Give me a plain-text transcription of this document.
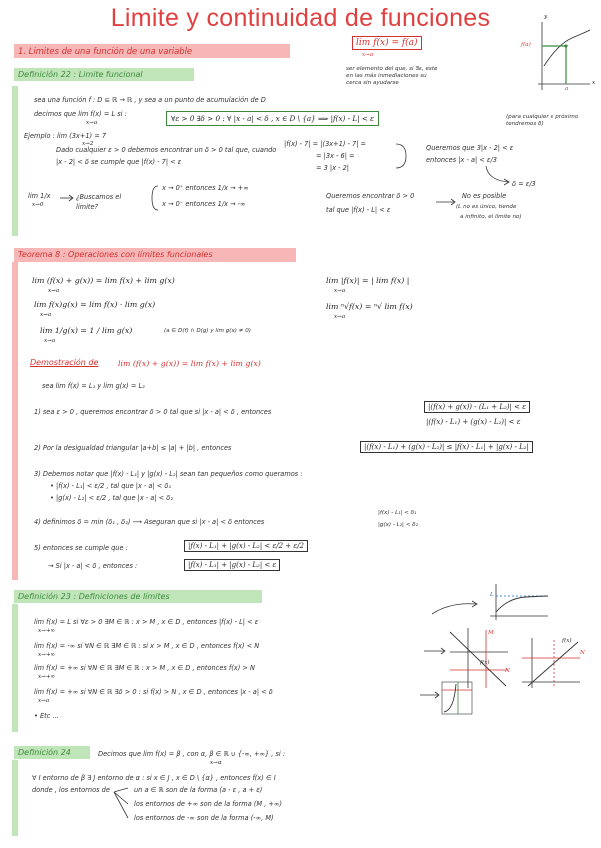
Limite y continuidad de funciones
1. Limites de una función de una variable
lim f(x) = f(a)
x→a
f(a)
a
y
x
Definición 22 : Limite funcional
ser elemento del que, si ∃ε, este en las más inmediaciones su cerca sin ayudarse
sea una función f : D ⊆ ℝ → ℝ , y sea a un punto de acumulación de D
decimos que lim f(x) = L si :
x→a	∀ε > 0 ∃δ > 0 : ∀ |x - a| < δ , x ∈ D \ {a} ⟹ |f(x) - L| < ε	(para cualquier ε próximo tendremos δ)
Ejemplo : lim (3x+1) = 7
x→2
Dado cualquier ε > 0 debemos encontrar un δ > 0 tal que, cuando
|x - 2| < δ se cumple que |f(x) - 7| < ε
|f(x) - 7| = |(3x+1) - 7| =
= |3x - 6| =
= 3 |x - 2|
Queremos que 3|x - 2| < ε
entonces |x - a| < ε/3
δ = ε/3
lim 1/x
x→0
¿Buscamos el límite?
x → 0⁺ entonces 1/x → +∞
x → 0⁻ entonces 1/x → -∞
Queremos encontrar δ > 0
tal que |f(x) - L| < ε
No es posible
(L no es único, tiende
a infinito, el límite no)
Teorema 8 : Operaciones con límites funcionales
lim (f(x) + g(x)) = lim f(x) + lim g(x)
x→a
lim f(x)g(x) = lim f(x) · lim g(x)
x→a
lim 1/g(x) = 1 / lim g(x)
x→a
(a ∈ D(f) ∩ D(g) y lim g(x) ≠ 0)
lim |f(x)| = | lim f(x) |
x→a
lim ⁿ√f(x) = ⁿ√ lim f(x)
x→a
Demostración de	lim (f(x) + g(x)) = lim f(x) + lim g(x)
sea lim f(x) = L₁ y lim g(x) = L₂
1) sea ε > 0 , queremos encontrar δ > 0 tal que si |x - a| < δ , entonces
|(f(x) + g(x)) - (L₁ + L₂)| < ε
|(f(x) - L₁) + (g(x) - L₂)| < ε
2) Por la desigualdad triangular |a+b| ≤ |a| + |b| , entonces	|(f(x) - L₁) + (g(x) - L₂)| ≤ |f(x) - L₁| + |g(x) - L₂|
3) Debemos notar que |f(x) - L₁| y |g(x) - L₂| sean tan pequeños como queramos :
• |f(x) - L₁| < ε/2 , tal que |x - a| < δ₁
• |g(x) - L₂| < ε/2 , tal que |x - a| < δ₂
4) definimos δ = min (δ₁ , δ₂) ⟶ Aseguran que si |x - a| < δ entonces
|f(x) - L₁| < δ₁
|g(x) - L₂| < δ₂
5) entonces se cumple que :	|f(x) - L₁| + |g(x) - L₂| < ε/2 + ε/2
→ Si |x - a| < δ , entonces :	|f(x) - L₁| + |g(x) - L₂| < ε
Definición 23 : Definiciones de límites
lim f(x) = L si ∀ε > 0 ∃M ∈ ℝ : x > M , x ∈ D , entonces |f(x) - L| < ε
x→+∞
lim f(x) = -∞ si ∀N ∈ ℝ ∃M ∈ ℝ : si x > M , x ∈ D , entonces f(x) < N
x→+∞
lim f(x) = +∞ si ∀N ∈ ℝ ∃M ∈ ℝ : x > M , x ∈ D , entonces f(x) > N
x→+∞
lim f(x) = +∞ si ∀N ∈ ℝ ∃δ > 0 : si f(x) > N , x ∈ D , entonces |x - a| < δ
x→a
• Etc ...
L
f(x)
N
M
f(x)
N
Definición 24	Decimos que lim f(x) = β , con α, β ∈ ℝ ∪ {-∞, +∞} , si :
x→α
∀ I entorno de β ∃ J entorno de α : si x ∈ J , x ∈ D \ {α} , entonces f(x) ∈ I
donde , los entornos de	un a ∈ ℝ son de la forma (a - ε , a + ε)
los entornos de +∞ son de la forma (M , +∞)
los entornos de -∞ son de la forma (-∞, M)
